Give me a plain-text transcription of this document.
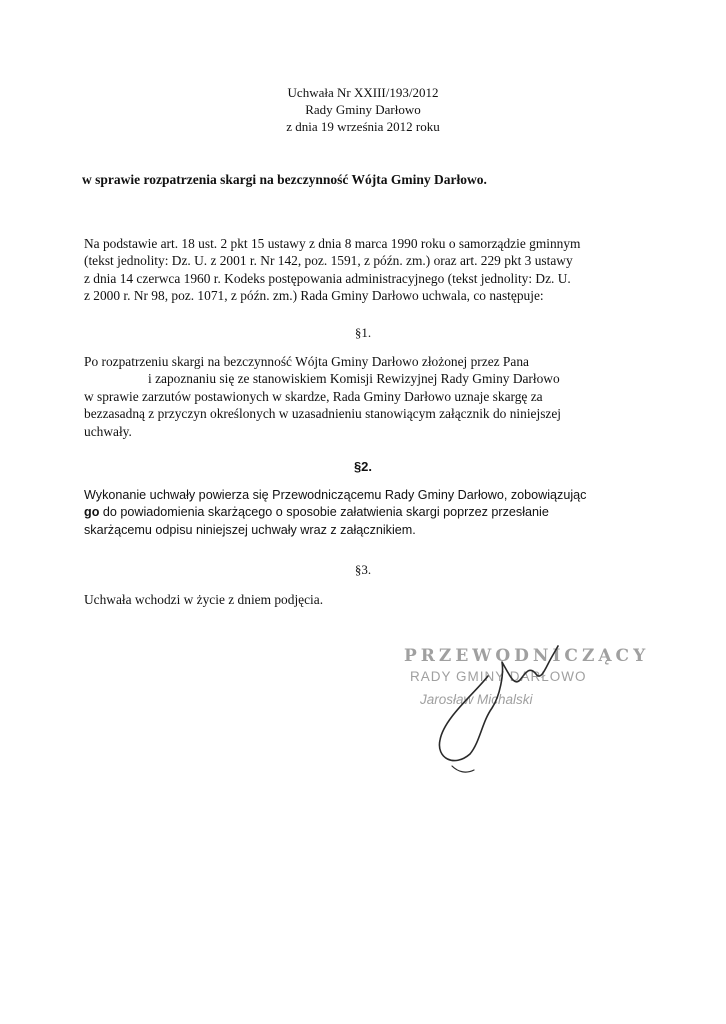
Uchwała Nr XXIII/193/2012
Rady Gminy Darłowo
z dnia 19 września 2012 roku
w sprawie rozpatrzenia skargi na bezczynność Wójta Gminy Darłowo.
Na podstawie art. 18 ust. 2 pkt 15 ustawy z dnia 8 marca 1990 roku o samorządzie gminnym
(tekst jednolity: Dz. U. z 2001 r. Nr 142, poz. 1591, z późn. zm.) oraz art. 229 pkt 3 ustawy
z dnia 14 czerwca 1960 r. Kodeks postępowania administracyjnego (tekst jednolity: Dz. U.
z 2000 r. Nr 98, poz. 1071, z późn. zm.) Rada Gminy Darłowo uchwala, co następuje:
§1.
Po rozpatrzeniu skargi na bezczynność Wójta Gminy Darłowo złożonej przez Pana
i zapoznaniu się ze stanowiskiem Komisji Rewizyjnej Rady Gminy Darłowo
w sprawie zarzutów postawionych w skardze, Rada Gminy Darłowo uznaje skargę za
bezzasadną z przyczyn określonych w uzasadnieniu stanowiącym załącznik do niniejszej
uchwały.
§2.
Wykonanie uchwały powierza się Przewodniczącemu Rady Gminy Darłowo, zobowiązując
go do powiadomienia skarżącego o sposobie załatwienia skargi poprzez przesłanie
skarżącemu odpisu niniejszej uchwały wraz z załącznikiem.
§3.
Uchwała wchodzi w życie z dniem podjęcia.
PRZEWODNICZĄCY
RADY GMINY DARŁOWO
Jarosław Michalski
